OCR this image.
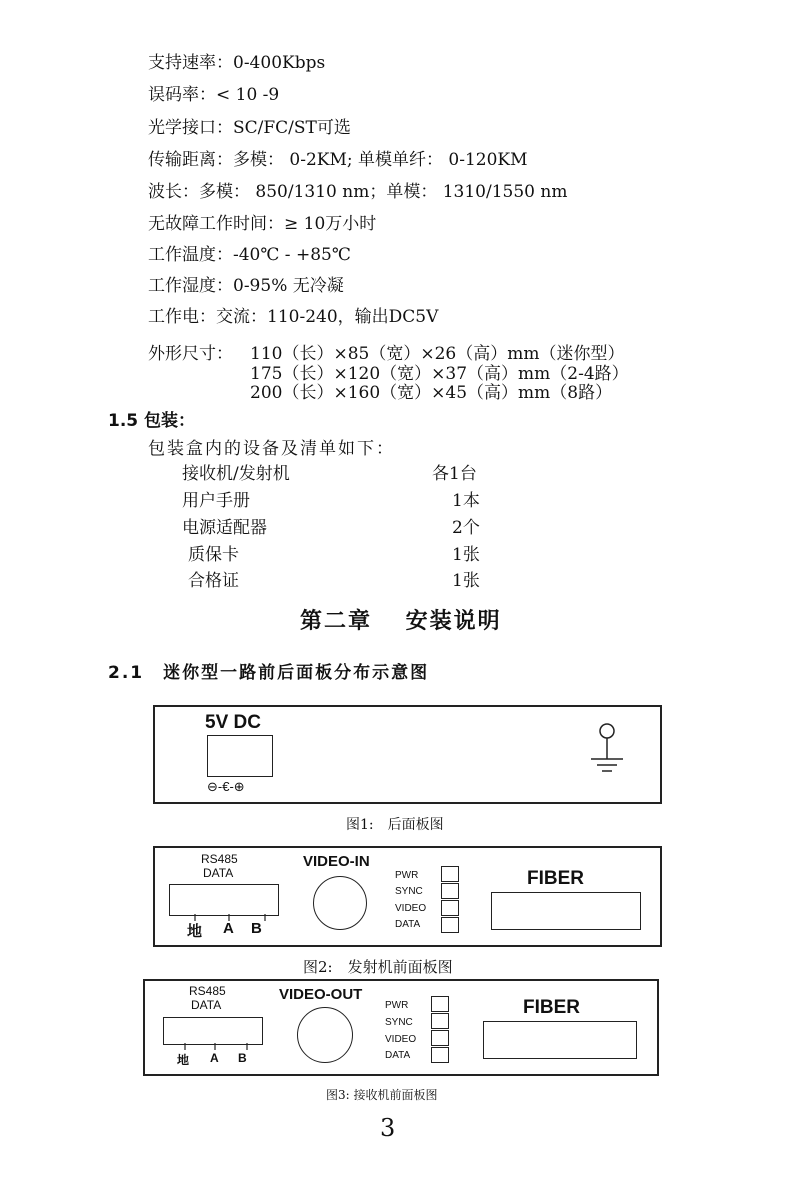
支持速率：0-400Kbps
误码率：< 10 -9
光学接口：SC/FC/ST可选
传输距离：多模： 0-2KM; 单模单纤： 0-120KM
波长：多模： 850/1310 nm；单模： 1310/1550 nm
无故障工作时间：≥ 10万小时
工作温度：-40℃ - +85℃
工作湿度：0-95% 无冷凝
工作电：交流：110-240，输出DC5V
外形尺寸： 110（长）×85（宽）×26（高）mm（迷你型）
175（长）×120（宽）×37（高）mm（2-4路）
200（长）×160（宽）×45（高）mm（8路）
1.5 包装：
包装盒内的设备及清单如下：
接收机/发射机	各1台
用户手册	1本
电源适配器	2个
质保卡	1张
合格证	1张
第二章　 安装说明
2.1　迷你型一路前后面板分布示意图
5V DC
⊖-€-⊕
图1:　后面板图
RS485
DATA
地 A B
VIDEO-IN
PWR
SYNC
VIDEO
DATA
FIBER
图2:　发射机前面板图
RS485
DATA
地 A B
VIDEO-OUT
PWR
SYNC
VIDEO
DATA
FIBER
图3: 接收机前面板图
3
